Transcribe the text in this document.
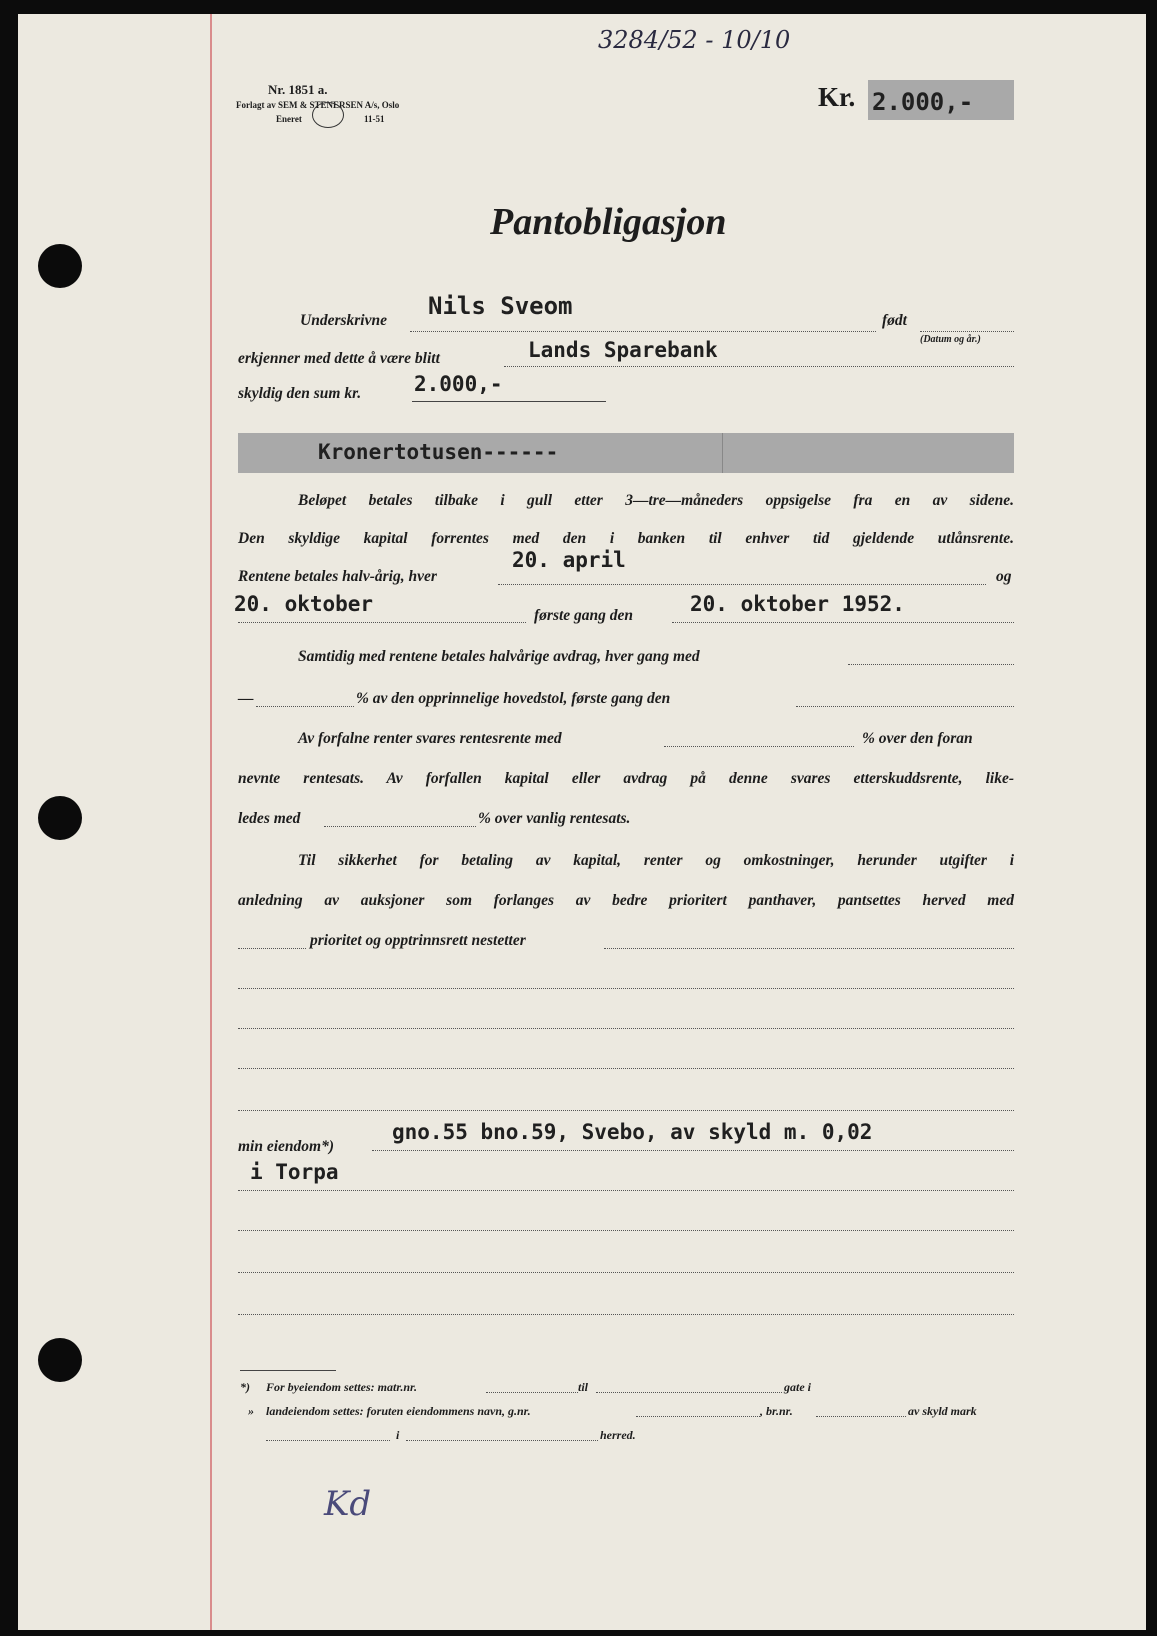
3284/52 - 10/10
Nr. 1851 a.
Forlagt av SEM & STENERSEN A/s, Oslo
Eneret	11-51
Kr. 2.000,-
Pantobligasjon
Underskrivne
Nils Sveom
født
(Datum og år.)
erkjenner med dette å være blitt	Lands Sparebank
skyldig den sum kr.	2.000,-
Kronertotusen------
Beløpet betales tilbake i gull etter 3—tre—måneders oppsigelse fra en av sidene.
Den skyldige kapital forrentes med den i banken til enhver tid gjeldende utlånsrente.
Rentene betales halv-årig, hver
20. april
og
20. oktober	første gang den	20. oktober 1952.
Samtidig med rentene betales halvårige avdrag, hver gang med
—	% av den opprinnelige hovedstol, første gang den
Av forfalne renter svares rentesrente med	% over den foran
nevnte rentesats. Av forfallen kapital eller avdrag på denne svares etterskuddsrente, like-
ledes med	% over vanlig rentesats.
Til sikkerhet for betaling av kapital, renter og omkostninger, herunder utgifter i
anledning av auksjoner som forlanges av bedre prioritert panthaver, pantsettes herved med
prioritet og opptrinnsrett nestetter
min eiendom*)
gno.55 bno.59, Svebo, av skyld m. 0,02
i Torpa
*) For byeiendom settes: matr.nr.	til	gate i
» landeiendom settes: foruten eiendommens navn, g.nr.	, br.nr.	av skyld mark
i	herred.
Kd
